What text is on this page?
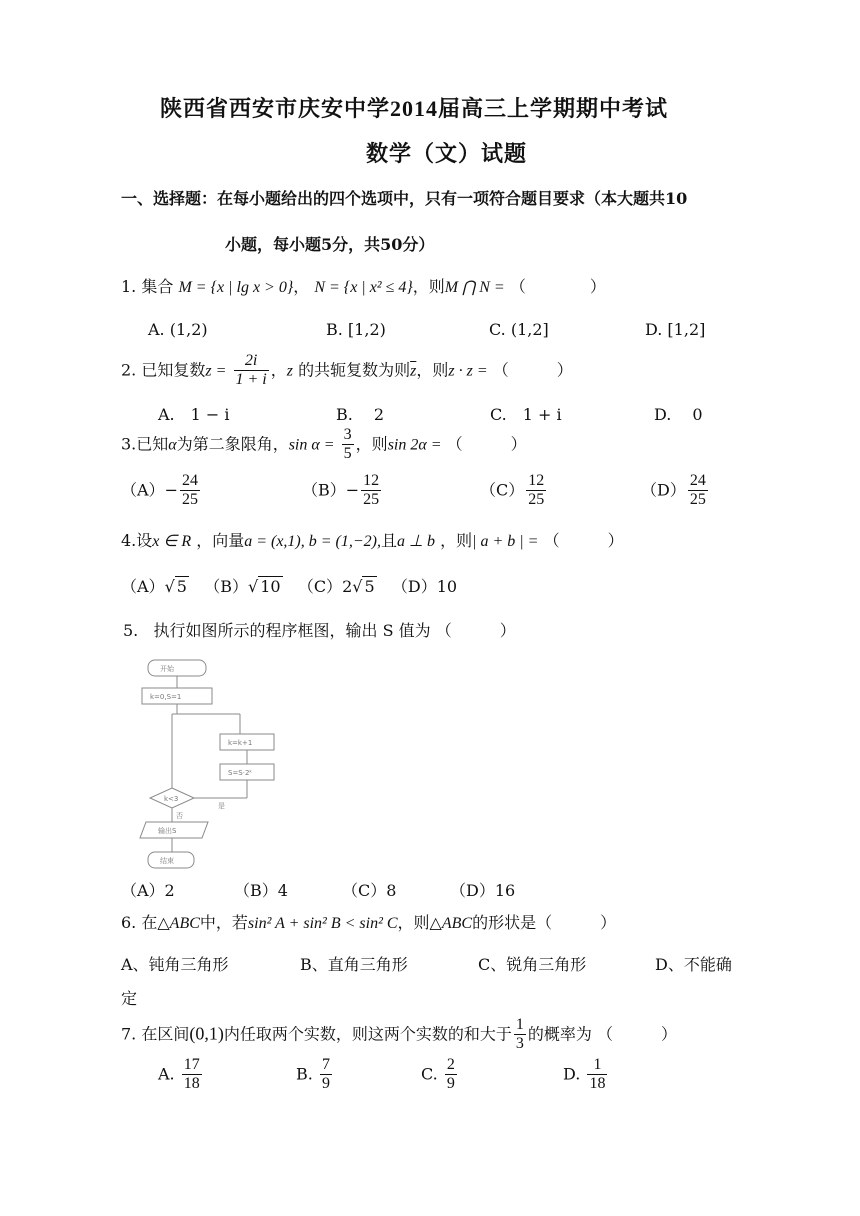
陕西省西安市庆安中学2014届高三上学期期中考试
数学（文）试题
一、选择题：在每小题给出的四个选项中，只有一项符合题目要求（本大题共10
小题，每小题5分，共50分）
1. 集合 M = {x | lg x > 0}， N = {x | x² ≤ 4}，则M ⋂ N = （　　　　）
A. (1,2)	B. [1,2)	C. (1,2]	D. [1,2]
2. 已知复数$z = \frac{2i}{1 + i}$ ，z 的共轭复数为则$\overline{z}$，则z · z = （　　　）
A.　1 − i	B.　 2	C.　1 + i	D.　 0
3.已知α为第二象限角，$\sin \alpha = \frac{3}{5}$ ，则sin 2α = （　　　）
$(A)- \frac{24}{25}$	$(B)- \frac{12}{25}$	$(C) \frac{12}{25}$	$(D) \frac{24}{25}$
4.设x ∈ R ，向量a = (x,1), b = (1,−2),且a ⊥ b ，则| a + b | = （　　　）
（A）√ 5 （B）√ 10 （C）2√ 5 （D）10
5. 执行如图所示的程序框图，输出 S 值为 （　　　）
开始
k=0,S=1
k=k+1
S=S·2ᵏ
k<3
是
否
输出S
结束
（A）2	（B）4	（C）8	（D）16
6. 在△ABC中，若sin² A + sin² B < sin² C，则△ABC的形状是（　　　）
A、钝角三角形	B、直角三角形	C、锐角三角形	D、不能确
定
7. 在区间(0,1)内任取两个实数，则这两个实数的和大于 $\frac{1}{3}$ 的概率为 （　　　）
A. $\frac{17}{18}$	B. $\frac{7}{9}$	C. $\frac{2}{9}$	D. $\frac{1}{18}$
